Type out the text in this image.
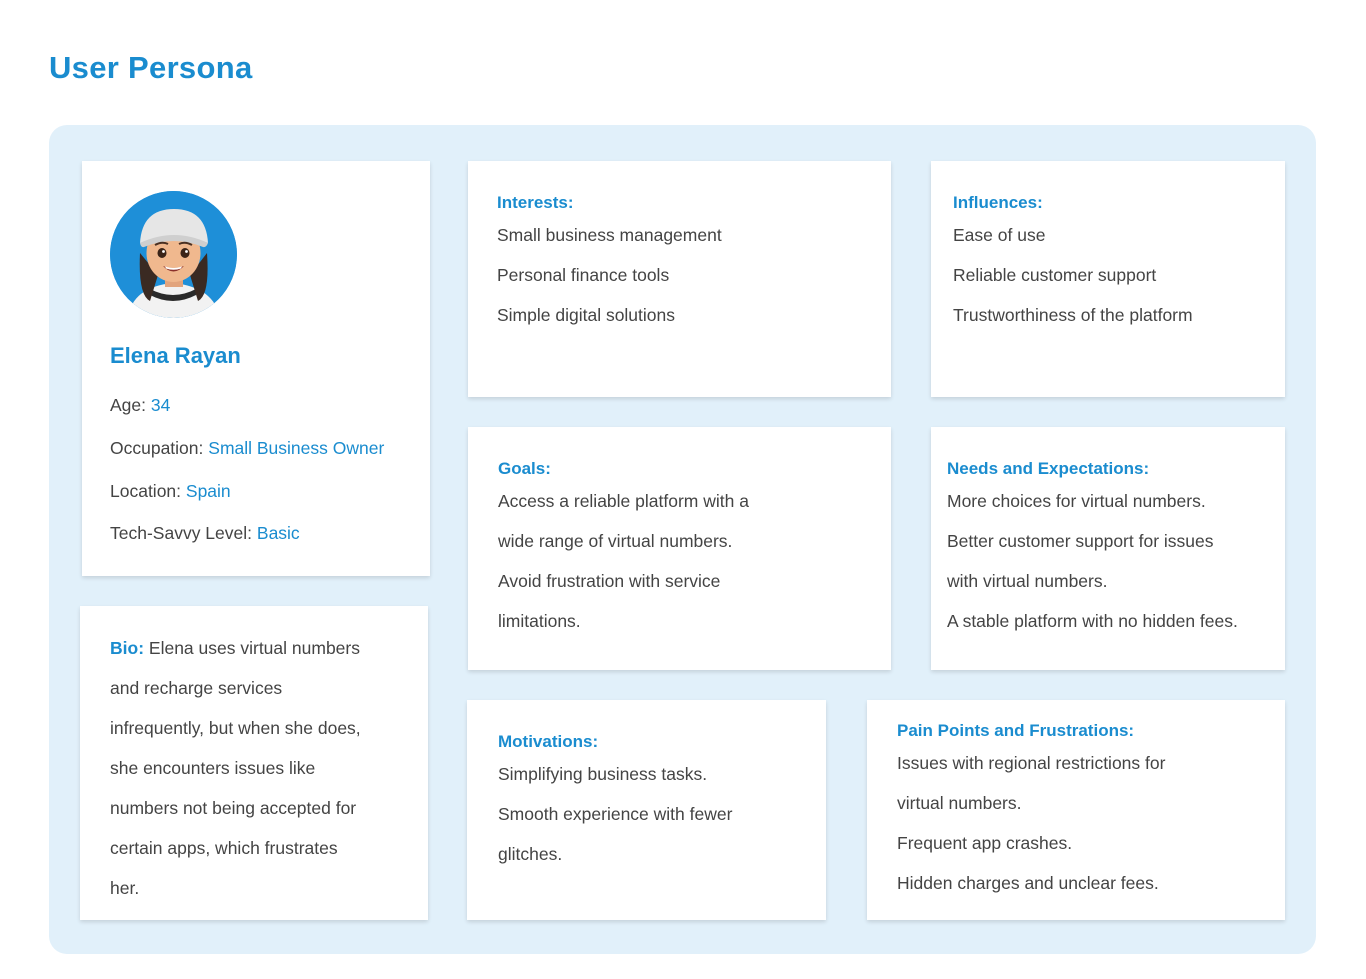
User Persona
Elena Rayan

Age: 34

Occupation: Small Business Owner

Location: Spain

Tech-Savvy Level: Basic

Bio: Elena uses virtual numbers
and recharge services
infrequently, but when she does,
she encounters issues like
numbers not being accepted for
certain apps, which frustrates
her.

Interests:
Small business management
Personal finance tools
Simple digital solutions
Influences:
Ease of use
Reliable customer support
Trustworthiness of the platform
Goals:
Access a reliable platform with a
wide range of virtual numbers.
Avoid frustration with service
limitations.
Needs and Expectations:
More choices for virtual numbers.
Better customer support for issues
with virtual numbers.
A stable platform with no hidden fees.
Motivations:
Simplifying business tasks.
Smooth experience with fewer
glitches.
Pain Points and Frustrations:
Issues with regional restrictions for
virtual numbers.
Frequent app crashes.
Hidden charges and unclear fees.
